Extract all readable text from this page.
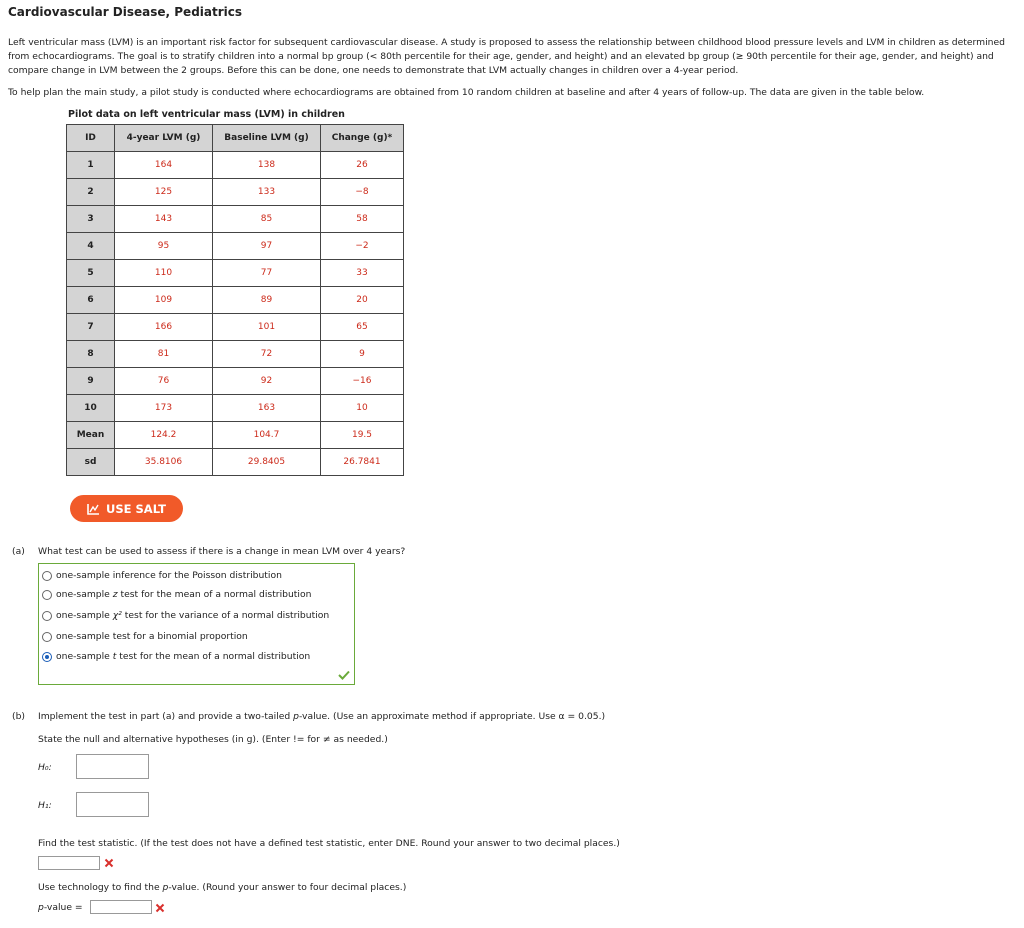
Cardiovascular Disease, Pediatrics
Left ventricular mass (LVM) is an important risk factor for subsequent cardiovascular disease. A study is proposed to assess the relationship between childhood blood pressure levels and LVM in children as determined from echocardiograms. The goal is to stratify children into a normal bp group (< 80th percentile for their age, gender, and height) and an elevated bp group (≥ 90th percentile for their age, gender, and height) and compare change in LVM between the 2 groups. Before this can be done, one needs to demonstrate that LVM actually changes in children over a 4-year period.
To help plan the main study, a pilot study is conducted where echocardiograms are obtained from 10 random children at baseline and after 4 years of follow-up. The data are given in the table below.
Pilot data on left ventricular mass (LVM) in children
ID	4-year LVM (g)	Baseline LVM (g)	Change (g)*
1	164	138	26
2	125	133	−8
3	143	85	58
4	95	97	−2
5	110	77	33
6	109	89	20
7	166	101	65
8	81	72	9
9	76	92	−16
10	173	163	10
Mean	124.2	104.7	19.5
sd	35.8106	29.8405	26.7841
USE SALT
(a) What test can be used to assess if there is a change in mean LVM over 4 years?
one-sample inference for the Poisson distribution
one-sample z test for the mean of a normal distribution
one-sample χ² test for the variance of a normal distribution
one-sample test for a binomial proportion
one-sample t test for the mean of a normal distribution
(b) Implement the test in part (a) and provide a two-tailed p-value. (Use an approximate method if appropriate. Use α = 0.05.)
State the null and alternative hypotheses (in g). (Enter != for ≠ as needed.)
H₀:
H₁:
Find the test statistic. (If the test does not have a defined test statistic, enter DNE. Round your answer to two decimal places.)
Use technology to find the p-value. (Round your answer to four decimal places.)
p-value =
